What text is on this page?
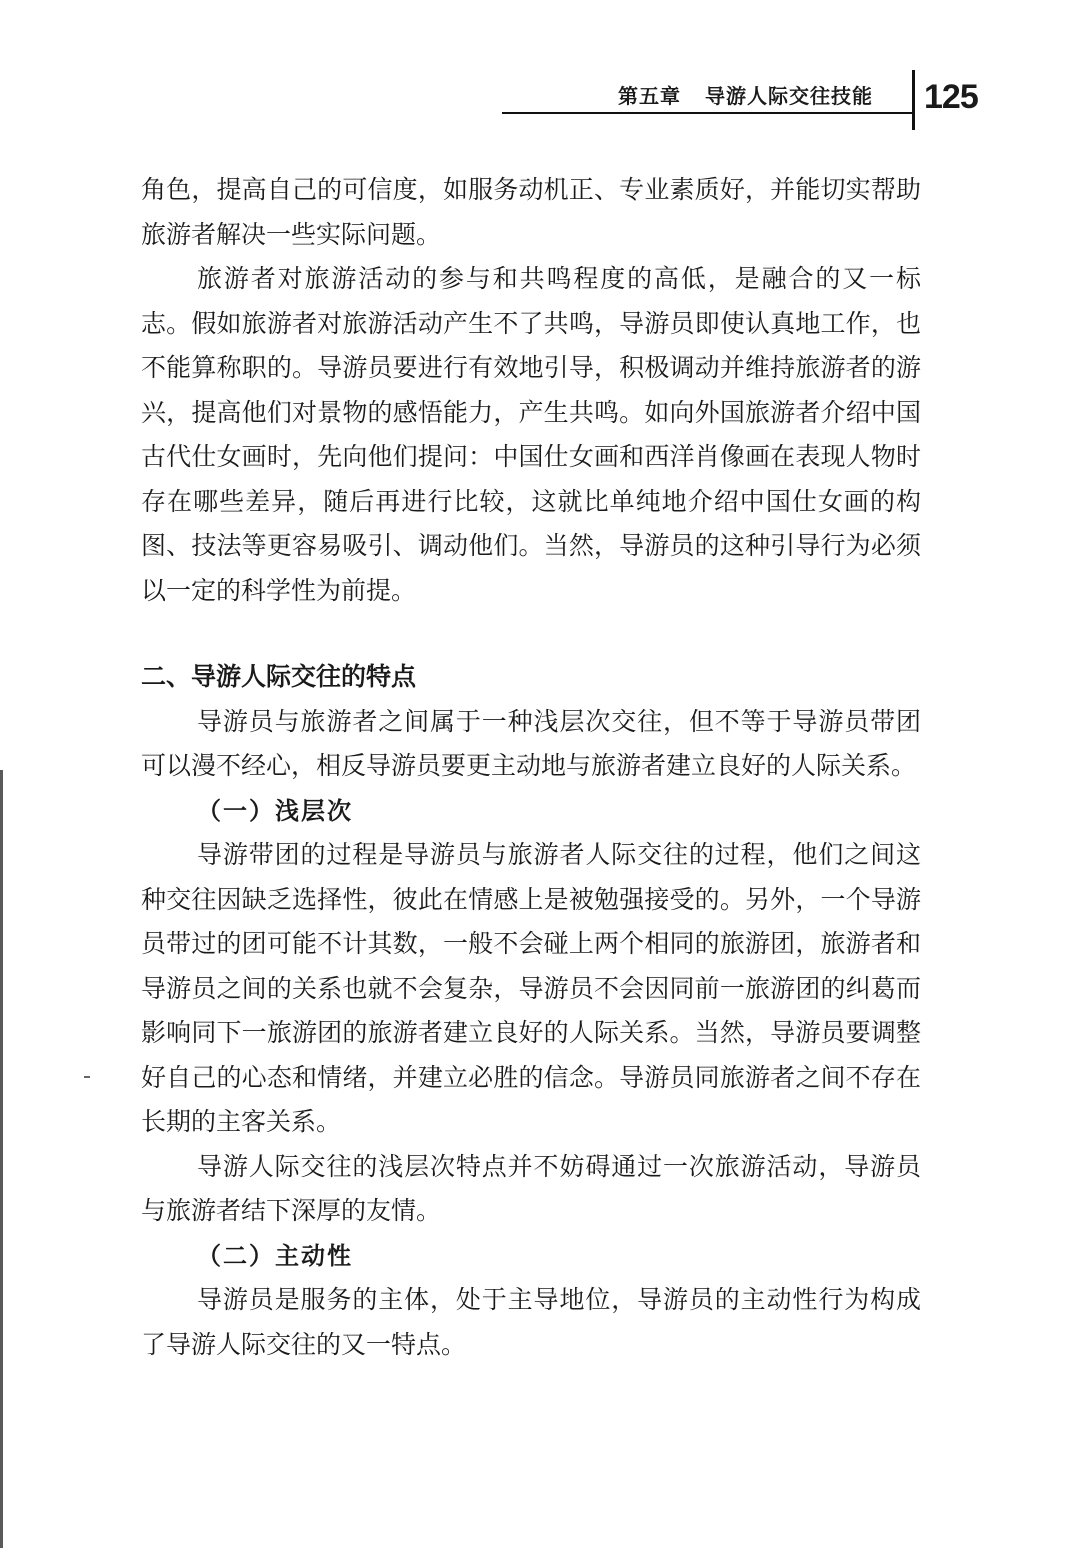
第五章 导游人际交往技能	125

角色，提高自己的可信度，如服务动机正、专业素质好，并能切实帮助旅游者解决一些实际问题。

旅游者对旅游活动的参与和共鸣程度的高低，是融合的又一标志。假如旅游者对旅游活动产生不了共鸣，导游员即使认真地工作，也不能算称职的。导游员要进行有效地引导，积极调动并维持旅游者的游兴，提高他们对景物的感悟能力，产生共鸣。如向外国旅游者介绍中国古代仕女画时，先向他们提问：中国仕女画和西洋肖像画在表现人物时存在哪些差异，随后再进行比较，这就比单纯地介绍中国仕女画的构图、技法等更容易吸引、调动他们。当然，导游员的这种引导行为必须以一定的科学性为前提。

二、导游人际交往的特点

导游员与旅游者之间属于一种浅层次交往，但不等于导游员带团可以漫不经心，相反导游员要更主动地与旅游者建立良好的人际关系。

（一）浅层次

导游带团的过程是导游员与旅游者人际交往的过程，他们之间这种交往因缺乏选择性，彼此在情感上是被勉强接受的。另外，一个导游员带过的团可能不计其数，一般不会碰上两个相同的旅游团，旅游者和导游员之间的关系也就不会复杂，导游员不会因同前一旅游团的纠葛而影响同下一旅游团的旅游者建立良好的人际关系。当然，导游员要调整好自己的心态和情绪，并建立必胜的信念。导游员同旅游者之间不存在长期的主客关系。

导游人际交往的浅层次特点并不妨碍通过一次旅游活动，导游员与旅游者结下深厚的友情。

（二）主动性

导游员是服务的主体，处于主导地位，导游员的主动性行为构成了导游人际交往的又一特点。
